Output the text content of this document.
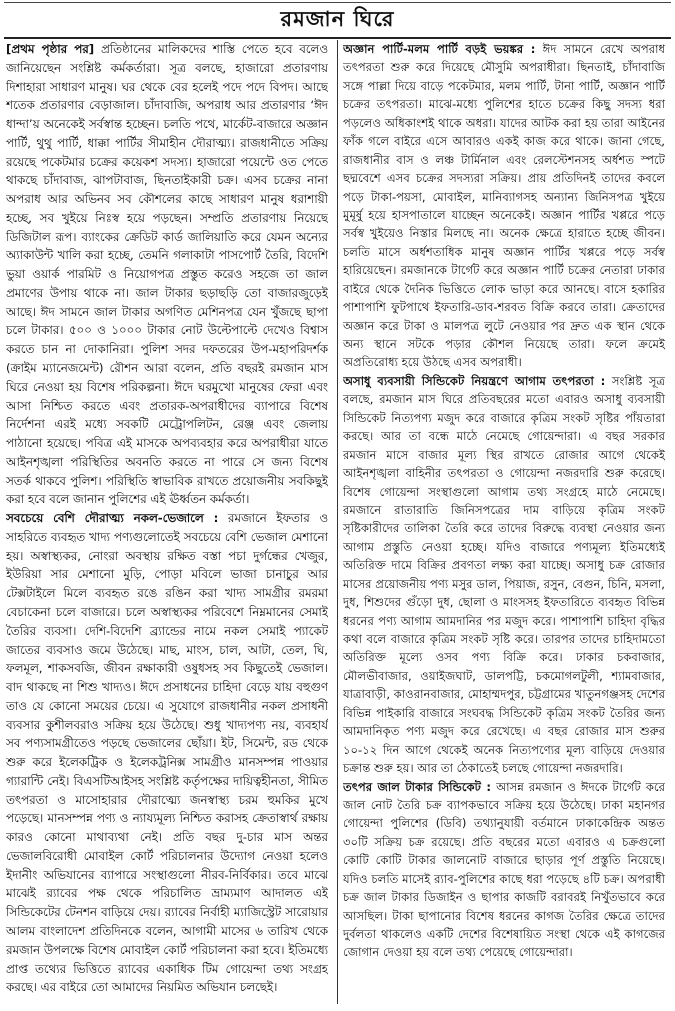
রমজান ঘিরে

[প্রথম পৃষ্ঠার পর] প্রতিষ্ঠানের মালিকদের শাস্তি পেতে হবে বলেও জানিয়েছেন সংশ্লিষ্ট কর্মকর্তারা। সূত্র বলছে, হাজারো প্রতারণায় দিশাহারা সাধারণ মানুষ। ঘর থেকে বের হলেই পদে পদে বিপদ। আছে শতেক প্রতারণার বেড়াজাল। চাঁদাবাজি, অপরাধ আর প্রতারণার ‘ঈদ ধান্দা’য় অনেকেই সর্বস্বান্ত হচ্ছেন। চলতি পথে, মার্কেট-বাজারে অজ্ঞান পার্টি, থুথু পার্টি, ধাক্কা পার্টির সীমাহীন দৌরাত্ম্য। রাজধানীতে সক্রিয় রয়েছে পকেটমার চক্রের কয়েকশ সদস্য। হাজারো পয়েন্টে ওত পেতে থাকছে চাঁদাবাজ, ঝাপটাবাজ, ছিনতাইকারী চক্র। এসব চক্রের নানা অপরাধ আর অভিনব সব কৌশলের কাছে সাধারণ মানুষ ধরাশায়ী হচ্ছে, সব খুইয়ে নিঃস্ব হয়ে পড়ছেন। সম্প্রতি প্রতারণায় নিয়েছে ডিজিটাল রূপ। ব্যাংকের ক্রেডিট কার্ড জালিয়াতি করে যেমন অন্যের অ্যাকাউন্ট খালি করা হচ্ছে, তেমনি গলাকাটা পাসপোর্ট তৈরি, বিদেশি ভুয়া ওয়ার্ক পারমিট ও নিয়োগপত্র প্রস্তুত করেও সহজে তা জাল প্রমাণের উপায় থাকে না। জাল টাকার ছড়াছড়ি তো বাজারজুড়েই আছে। ঈদ সামনে জাল টাকার অগণিত মেশিনপত্র যেন খুঁজছে ছাপা চলে টাকার। ৫০০ ও ১০০০ টাকার নোট উল্টেপাল্টে দেখেও বিশ্বাস করতে চান না দোকানিরা। পুলিশ সদর দফতরের উপ-মহাপরিদর্শক (ক্রাইম ম্যানেজমেন্ট) রৌশন আরা বলেন, প্রতি বছরই রমজান মাস ঘিরে নেওয়া হয় বিশেষ পরিকল্পনা। ঈদে ঘরমুখো মানুষের ফেরা এবং আসা নিশ্চিত করতে এবং প্রতারক-অপরাধীদের ব্যাপারে বিশেষ নির্দেশনা এরই মধ্যে সবকটি মেট্রোপলিটন, রেঞ্জ এবং জেলায় পাঠানো হয়েছে। পবিত্র এই মাসকে অপব্যবহার করে অপরাধীরা যাতে আইনশৃঙ্খলা পরিস্থিতির অবনতি করতে না পারে সে জন্য বিশেষ সতর্ক থাকবে পুলিশ। পরিস্থিতি স্বাভাবিক রাখতে প্রয়োজনীয় সবকিছুই করা হবে বলে জানান পুলিশের এই ঊর্ধ্বতন কর্মকর্তা।

সবচেয়ে বেশি দৌরাত্ম্য নকল-ভেজালে : রমজানে ইফতার ও সাহরিতে ব্যবহৃত খাদ্য পণ্যগুলোতেই সবচেয়ে বেশি ভেজাল মেশানো হয়। অস্বাস্থ্যকর, নোংরা অবস্থায় রক্ষিত বস্তা পচা দুর্গন্ধের খেজুর, ইউরিয়া সার মেশানো মুড়ি, পোড়া মবিলে ভাজা চানাচুর আর টেক্সটাইলে মিলে ব্যবহৃত রঙে রঙিন করা খাদ্য সামগ্রীর রমরমা বেচাকেনা চলে বাজারে। চলে অস্বাস্থ্যকর পরিবেশে নিম্নমানের সেমাই তৈরির ব্যবসা। দেশি-বিদেশি ব্র্যান্ডের নামে নকল সেমাই প্যাকেট জাতের ব্যবসাও জমে উঠেছে। মাছ, মাংস, চাল, আটা, তেল, ঘি, ফলমূল, শাকসবজি, জীবন রক্ষাকারী ওষুধসহ সব কিছুতেই ভেজাল। বাদ থাকছে না শিশু খাদ্যও। ঈদে প্রসাধনের চাহিদা বেড়ে যায় বহুগুণ তাও যে কোনো সময়ের চেয়ে। এ সুযোগে রাজধানীর নকল প্রসাধনী ব্যবসার কুশীলবরাও সক্রিয় হয়ে উঠেছে। শুধু খাদ্যপণ্য নয়, ব্যবহার্য সব পণ্যসামগ্রীতেও পড়ছে ভেজালের ছোঁয়া। ইট, সিমেন্ট, রড থেকে শুরু করে ইলেকট্রিক ও ইলেকট্রনিক্স সামগ্রীও মানসম্পন্ন পাওয়ার গ্যারান্টি নেই। বিএসটিআইসহ সংশ্লিষ্ট কর্তৃপক্ষের দায়িত্বহীনতা, সীমিত তৎপরতা ও মাসোহারার দৌরাত্ম্যে জনস্বাস্থ্য চরম হুমকির মুখে পড়েছে। মানসম্পন্ন পণ্য ও ন্যায্যমূল্য নিশ্চিত করাসহ ক্রেতাস্বার্থ রক্ষায় কারও কোনো মাথাব্যথা নেই। প্রতি বছর দু-চার মাস অন্তর ভেজালবিরোধী মোবাইল কোর্ট পরিচালনার উদ্যোগ নেওয়া হলেও ইদানীং অভিযানের ব্যাপারে সংস্থাগুলো নীরব-নির্বিকার। তবে মাঝে মাঝেই র‍্যাবের পক্ষ থেকে পরিচালিত ভ্রাম্যমাণ আদালত এই সিন্ডিকেটের টেনশন বাড়িয়ে দেয়। র‍্যাবের নির্বাহী ম্যাজিস্ট্রেট সারোয়ার আলম বাংলাদেশ প্রতিদিনকে বলেন, আগামী মাসের ৬ তারিখ থেকে রমজান উপলক্ষে বিশেষ মোবাইল কোর্ট পরিচালনা করা হবে। ইতিমধ্যে প্রাপ্ত তথ্যের ভিত্তিতে র‍্যাবের একাধিক টিম গোয়েন্দা তথ্য সংগ্রহ করছে। এর বাইরে তো আমাদের নিয়মিত অভিযান চলছেই।

অজ্ঞান পার্টি-মলম পার্টি বড়ই ভয়ঙ্কর : ঈদ সামনে রেখে অপরাধ তৎপরতা শুরু করে দিয়েছে মৌসুমি অপরাধীরা। ছিনতাই, চাঁদাবাজি সঙ্গে পাল্লা দিয়ে বাড়ে পকেটমার, মলম পার্টি, টানা পার্টি, অজ্ঞান পার্টি চক্রের তৎপরতা। মাঝে-মধ্যে পুলিশের হাতে চক্রের কিছু সদস্য ধরা পড়লেও অধিকাংশই থাকে অধরা। যাদের আটক করা হয় তারা আইনের ফাঁক গলে বাইরে এসে আবারও একই কাজ করে থাকে। জানা গেছে, রাজধানীর বাস ও লঞ্চ টার্মিনাল এবং রেলস্টেশনসহ অর্ধশত স্পটে ছদ্মবেশে এসব চক্রের সদস্যরা সক্রিয়। প্রায় প্রতিদিনই তাদের কবলে পড়ে টাকা-পয়সা, মোবাইল, মানিব্যাগসহ অন্যান্য জিনিসপত্র খুইয়ে মুমূর্ষু হয়ে হাসপাতালে যাচ্ছেন অনেকেই। অজ্ঞান পার্টির খপ্পরে পড়ে সর্বস্ব খুইয়েও নিস্তার মিলছে না। অনেক ক্ষেত্রে হারাতে হচ্ছে জীবন। চলতি মাসে অর্ধশতাধিক মানুষ অজ্ঞান পার্টির খপ্পরে পড়ে সর্বস্ব হারিয়েছেন। রমজানকে টার্গেট করে অজ্ঞান পার্টি চক্রের নেতারা ঢাকার বাইরে থেকে দৈনিক ভিত্তিতে লোক ভাড়া করে আনছে। বাসে হকারির পাশাপাশি ফুটপাথে ইফতারি-ডাব-শরবত বিক্রি করবে তারা। ক্রেতাদের অজ্ঞান করে টাকা ও মালপত্র লুটে নেওয়ার পর দ্রুত এক স্থান থেকে অন্য স্থানে সটকে পড়ার কৌশল নিয়েছে তারা। ফলে ক্রমেই অপ্রতিরোধ্য হয়ে উঠছে এসব অপরাধী।

অসাধু ব্যবসায়ী সিন্ডিকেট নিয়ন্ত্রণে আগাম তৎপরতা : সংশ্লিষ্ট সূত্র বলছে, রমজান মাস ঘিরে প্রতিবছরের মতো এবারও অসাধু ব্যবসায়ী সিন্ডিকেট নিত্যপণ্য মজুদ করে বাজারে কৃত্রিম সংকট সৃষ্টির পাঁয়তারা করছে। আর তা বন্ধে মাঠে নেমেছে গোয়েন্দারা। এ বছর সরকার রমজান মাসে বাজার মূল্য স্থির রাখতে রোজার আগে থেকেই আইনশৃঙ্খলা বাহিনীর তৎপরতা ও গোয়েন্দা নজরদারি শুরু করেছে। বিশেষ গোয়েন্দা সংস্থাগুলো আগাম তথ্য সংগ্রহে মাঠে নেমেছে। রমজানে রাতারাতি জিনিসপত্রের দাম বাড়িয়ে কৃত্রিম সংকট সৃষ্টিকারীদের তালিকা তৈরি করে তাদের বিরুদ্ধে ব্যবস্থা নেওয়ার জন্য আগাম প্রস্তুতি নেওয়া হচ্ছে। যদিও বাজারে পণ্যমূল্য ইতিমধ্যেই অতিরিক্ত দামে বিক্রির প্রবণতা লক্ষ্য করা যাচ্ছে। অসাধু চক্র রোজার মাসের প্রয়োজনীয় পণ্য মসুর ডাল, পিয়াজ, রসুন, বেগুন, চিনি, মসলা, দুধ, শিশুদের গুঁড়ো দুধ, ছোলা ও মাংসসহ ইফতারিতে ব্যবহৃত বিভিন্ন ধরনের পণ্য আগাম আমদানির পর মজুদ করে। পাশাপাশি চাহিদা বৃদ্ধির কথা বলে বাজারে কৃত্রিম সংকট সৃষ্টি করে। তারপর তাদের চাহিদামতো অতিরিক্ত মূল্যে ওসব পণ্য বিক্রি করে। ঢাকার চকবাজার, মৌলভীবাজার, ওয়াইজঘাট, ডালপট্টি, চকমোগলটুলী, শ্যামবাজার, যাত্রাবাড়ী, কাওরানবাজার, মোহাম্মদপুর, চট্টগ্রামের খাতুনগঞ্জসহ দেশের বিভিন্ন পাইকারি বাজারে সংঘবদ্ধ সিন্ডিকেট কৃত্রিম সংকট তৈরির জন্য আমদানিকৃত পণ্য মজুদ করে রেখেছে। এ বছর রোজার মাস শুরুর ১০-১২ দিন আগে থেকেই অনেক নিত্যপণ্যের মূল্য বাড়িয়ে দেওয়ার চক্রান্ত শুরু হয়। আর তা ঠেকাতেই চলছে গোয়েন্দা নজরদারি।

তৎপর জাল টাকার সিন্ডিকেট : আসন্ন রমজান ও ঈদকে টার্গেট করে জাল নোট তৈরি চক্র ব্যাপকভাবে সক্রিয় হয়ে উঠেছে। ঢাকা মহানগর গোয়েন্দা পুলিশের (ডিবি) তথ্যানুযায়ী বর্তমানে ঢাকাকেন্দ্রিক অন্তত ৩০টি সক্রিয় চক্র রয়েছে। প্রতি বছরের মতো এবারও এ চক্রগুলো কোটি কোটি টাকার জালনোট বাজারে ছাড়ার পূর্ণ প্রস্তুতি নিয়েছে। যদিও চলতি মাসেই র‍্যাব-পুলিশের কাছে ধরা পড়েছে ৪টি চক্র। অপরাধী চক্র জাল টাকার ডিজাইন ও ছাপার কাজটি বরাবরই নিখুঁতভাবে করে আসছিল। টাকা ছাপানোর বিশেষ ধরনের কাগজ তৈরির ক্ষেত্রে তাদের দুর্বলতা থাকলেও একটি দেশের বিশেষায়িত সংস্থা থেকে এই কাগজের জোগান দেওয়া হয় বলে তথ্য পেয়েছে গোয়েন্দারা।
